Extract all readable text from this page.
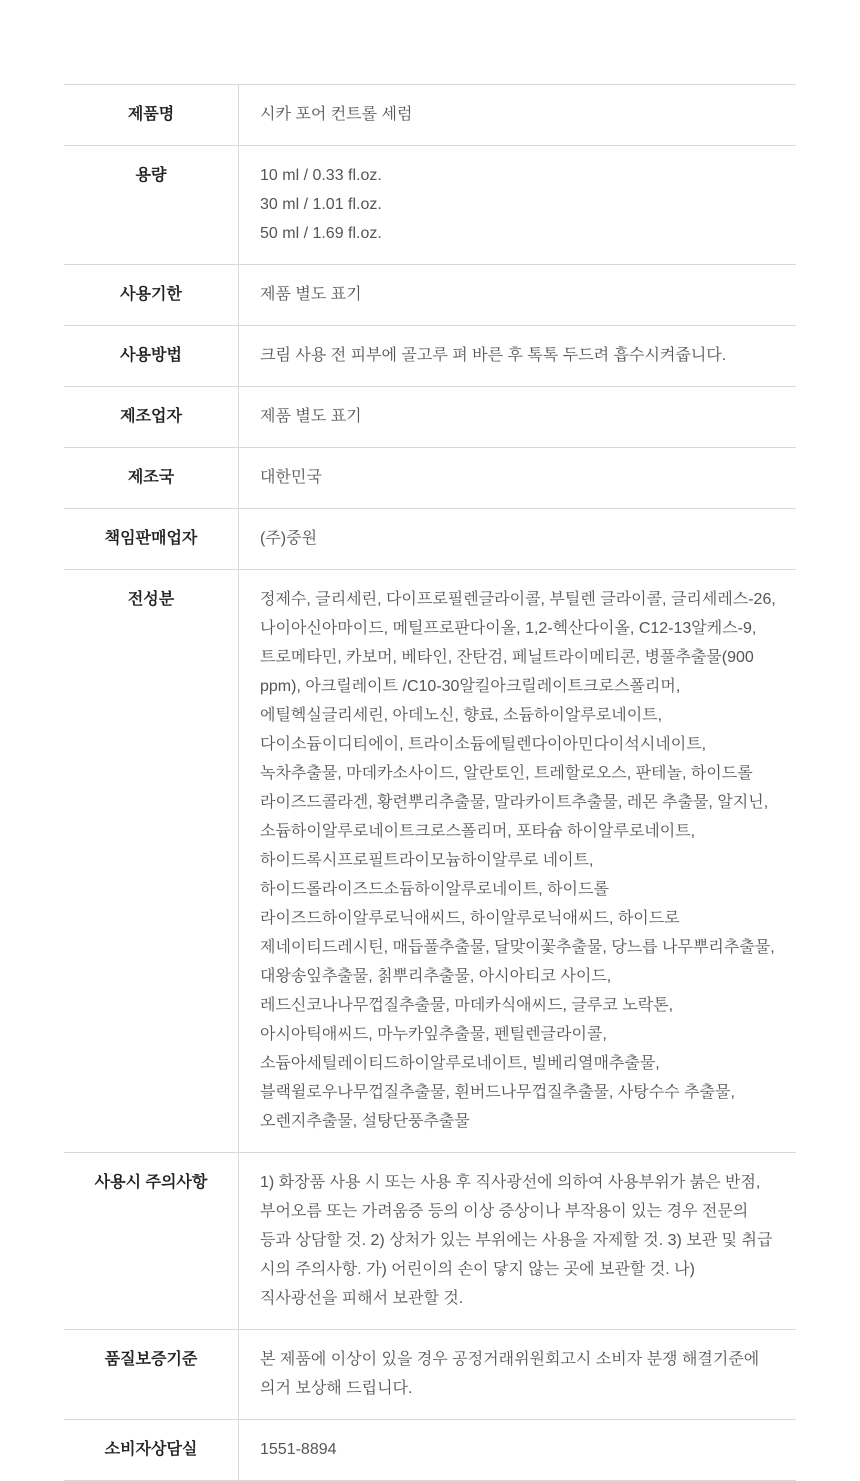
제품명	시카 포어 컨트롤 세럼
용량	10 ml / 0.33 fl.oz.
30 ml / 1.01 fl.oz.
50 ml / 1.69 fl.oz.
사용기한	제품 별도 표기
사용방법	크림 사용 전 피부에 골고루 펴 바른 후 톡톡 두드려 흡수시켜줍니다.
제조업자	제품 별도 표기
제조국	대한민국
책임판매업자	(주)중원
전성분	정제수, 글리세린, 다이프로필렌글라이콜, 부틸렌 글라이콜, 글리세레스-26, 나이아신아마이드, 메틸프로판다이올, 1,2-헥산다이올, C12-13알케스-9, 트로메타민, 카보머, 베타인, 잔탄검, 페닐트라이메티콘, 병풀추출물(900 ppm), 아크릴레이트 /C10-30알킬아크릴레이트크로스폴리머, 에틸헥실글리세린, 아데노신, 향료, 소듐하이알루로네이트, 다이소듐이디티에이, 트라이소듐에틸렌다이아민다이석시네이트, 녹차추출물, 마데카소사이드, 알란토인, 트레할로오스, 판테놀, 하이드롤 라이즈드콜라겐, 황련뿌리추출물, 말라카이트추출물, 레몬 추출물, 알지닌, 소듐하이알루로네이트크로스폴리머, 포타슘 하이알루로네이트, 하이드록시프로필트라이모늄하이알루로 네이트, 하이드롤라이즈드소듐하이알루로네이트, 하이드롤 라이즈드하이알루로닉애씨드, 하이알루로닉애씨드, 하이드로 제네이티드레시틴, 매듭풀추출물, 달맞이꽃추출물, 당느릅 나무뿌리추출물, 대왕송잎추출물, 칡뿌리추출물, 아시아티코 사이드, 레드신코나나무껍질추출물, 마데카식애씨드, 글루코 노락톤, 아시아틱애씨드, 마누카잎추출물, 펜틸렌글라이콜, 소듐아세틸레이티드하이알루로네이트, 빌베리열매추출물, 블랙윌로우나무껍질추출물, 흰버드나무껍질추출물, 사탕수수 추출물, 오렌지추출물, 설탕단풍추출물
사용시 주의사항	1) 화장품 사용 시 또는 사용 후 직사광선에 의하여 사용부위가 붉은 반점, 부어오름 또는 가려움증 등의 이상 증상이나 부작용이 있는 경우 전문의 등과 상담할 것. 2) 상처가 있는 부위에는 사용을 자제할 것. 3) 보관 및 취급 시의 주의사항. 가) 어린이의 손이 닿지 않는 곳에 보관할 것. 나) 직사광선을 피해서 보관할 것.
품질보증기준	본 제품에 이상이 있을 경우 공정거래위원회고시 소비자 분쟁 해결기준에 의거 보상해 드립니다.
소비자상담실	1551-8894
